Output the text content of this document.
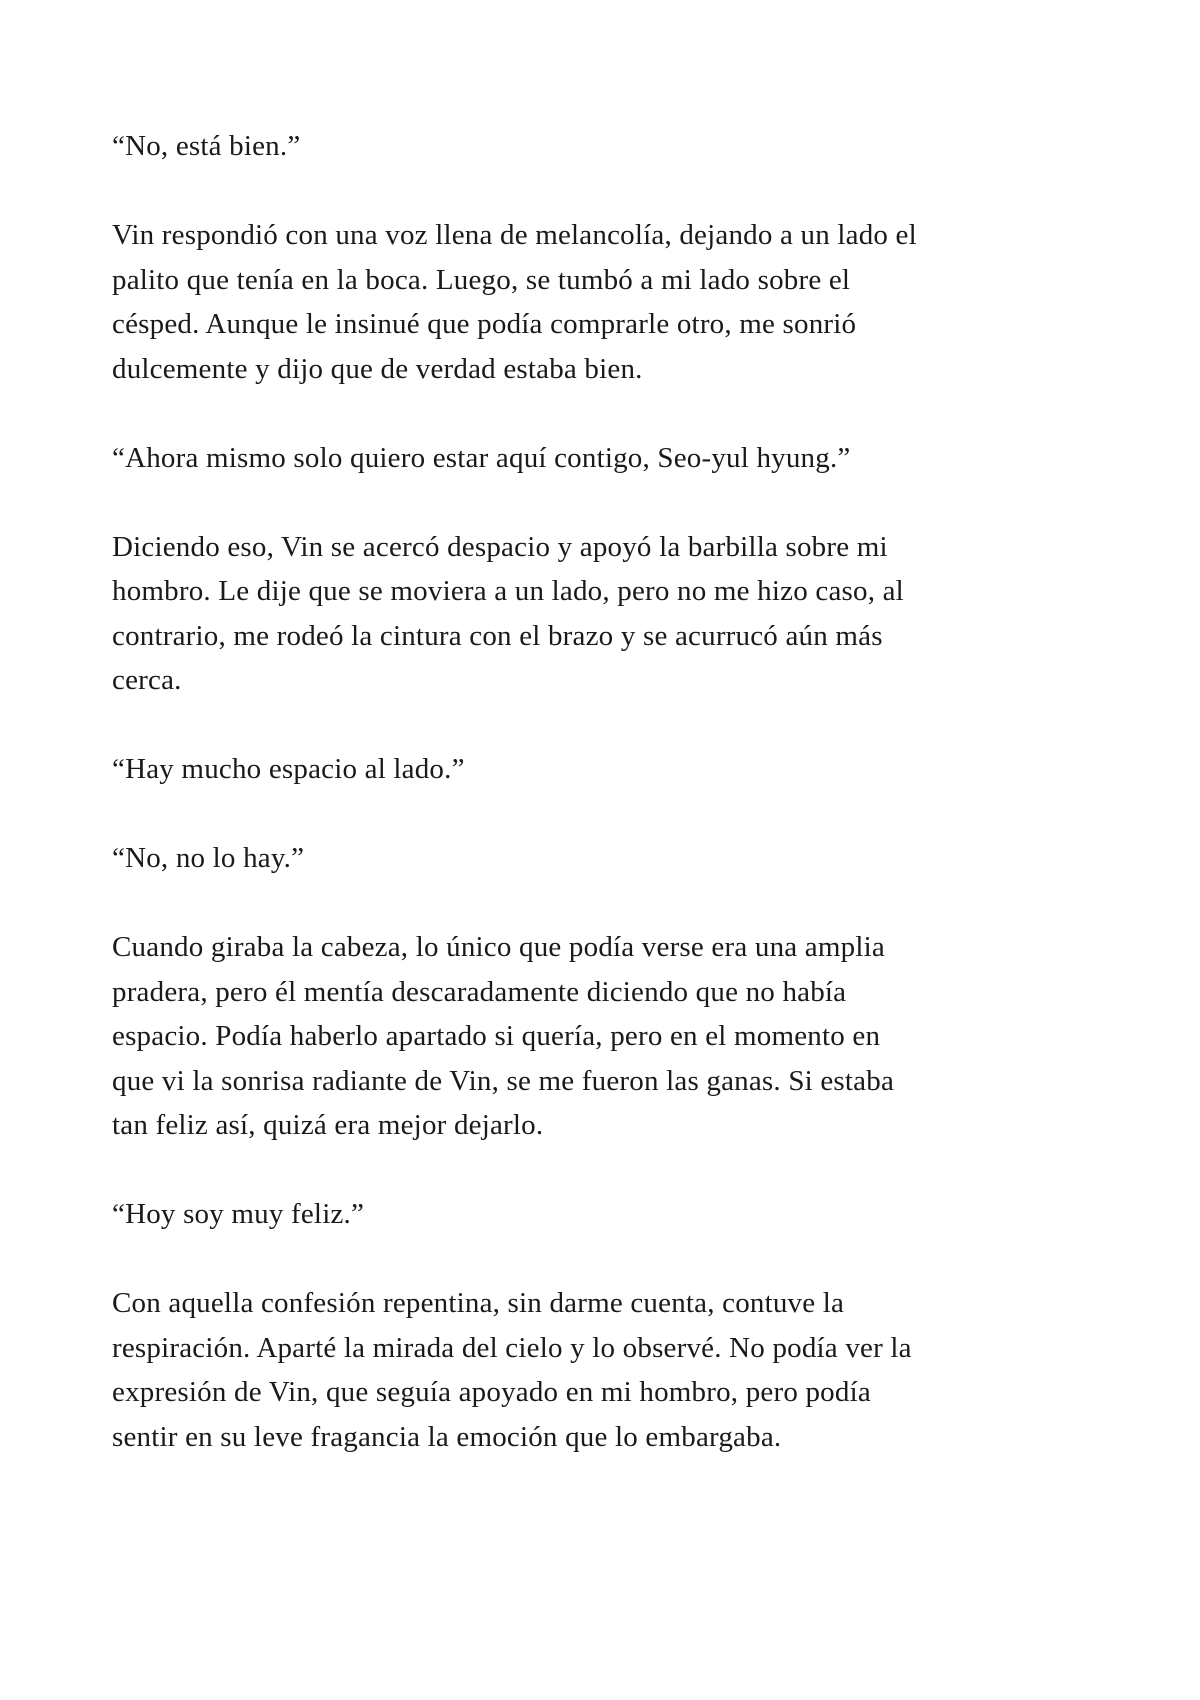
“No, está bien.”

Vin respondió con una voz llena de melancolía, dejando a un lado el
palito que tenía en la boca. Luego, se tumbó a mi lado sobre el
césped. Aunque le insinué que podía comprarle otro, me sonrió
dulcemente y dijo que de verdad estaba bien.

“Ahora mismo solo quiero estar aquí contigo, Seo-yul hyung.”

Diciendo eso, Vin se acercó despacio y apoyó la barbilla sobre mi
hombro. Le dije que se moviera a un lado, pero no me hizo caso, al
contrario, me rodeó la cintura con el brazo y se acurrucó aún más
cerca.

“Hay mucho espacio al lado.”

“No, no lo hay.”

Cuando giraba la cabeza, lo único que podía verse era una amplia
pradera, pero él mentía descaradamente diciendo que no había
espacio. Podía haberlo apartado si quería, pero en el momento en
que vi la sonrisa radiante de Vin, se me fueron las ganas. Si estaba
tan feliz así, quizá era mejor dejarlo.

“Hoy soy muy feliz.”

Con aquella confesión repentina, sin darme cuenta, contuve la
respiración. Aparté la mirada del cielo y lo observé. No podía ver la
expresión de Vin, que seguía apoyado en mi hombro, pero podía
sentir en su leve fragancia la emoción que lo embargaba.
